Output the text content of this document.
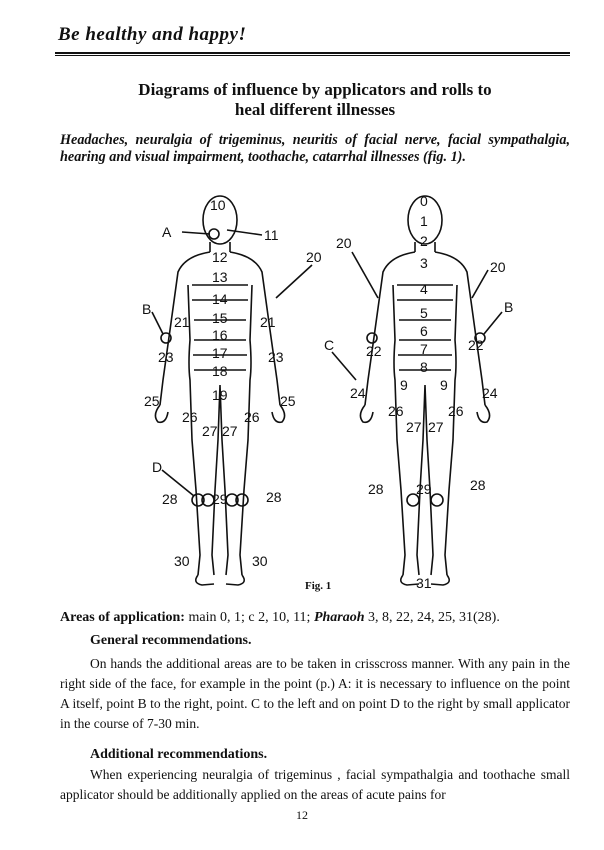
Be healthy and happy!
Diagrams of influence by applicators and rolls to
heal different illnesses
Headaches, neuralgia of trigeminus, neuritis of facial nerve, facial sympathalgia, hearing and visual impairment, toothache, catarrhal illnesses (fig. 1).
A	11
10
12
13
14
15
16
17
18
19
20
21	21
23	23
25	25
26	26
27 27
28	28
29
30	30
B
D
0
1
2
3
4
5
6
7
8
9 9
20
20
22	22
24	24
26	26
27 27
28	28
29
31
B
C
Fig. 1
Areas of application: main 0, 1; c 2, 10, 11; Pharaoh 3, 8, 22, 24, 25, 31(28).
General recommendations.
On hands the additional areas are to be taken in crisscross manner. With any pain in the right side of the face, for example in the point (p.) A: it is necessary to influence on the point A itself, point B to the right, point. C to the left and on point D to the right by small applicator in the course of 7-30 min.
Additional recommendations.
When experiencing neuralgia of trigeminus , facial sympathalgia and toothache small applicator should be additionally applied on the areas of acute pains for
12
